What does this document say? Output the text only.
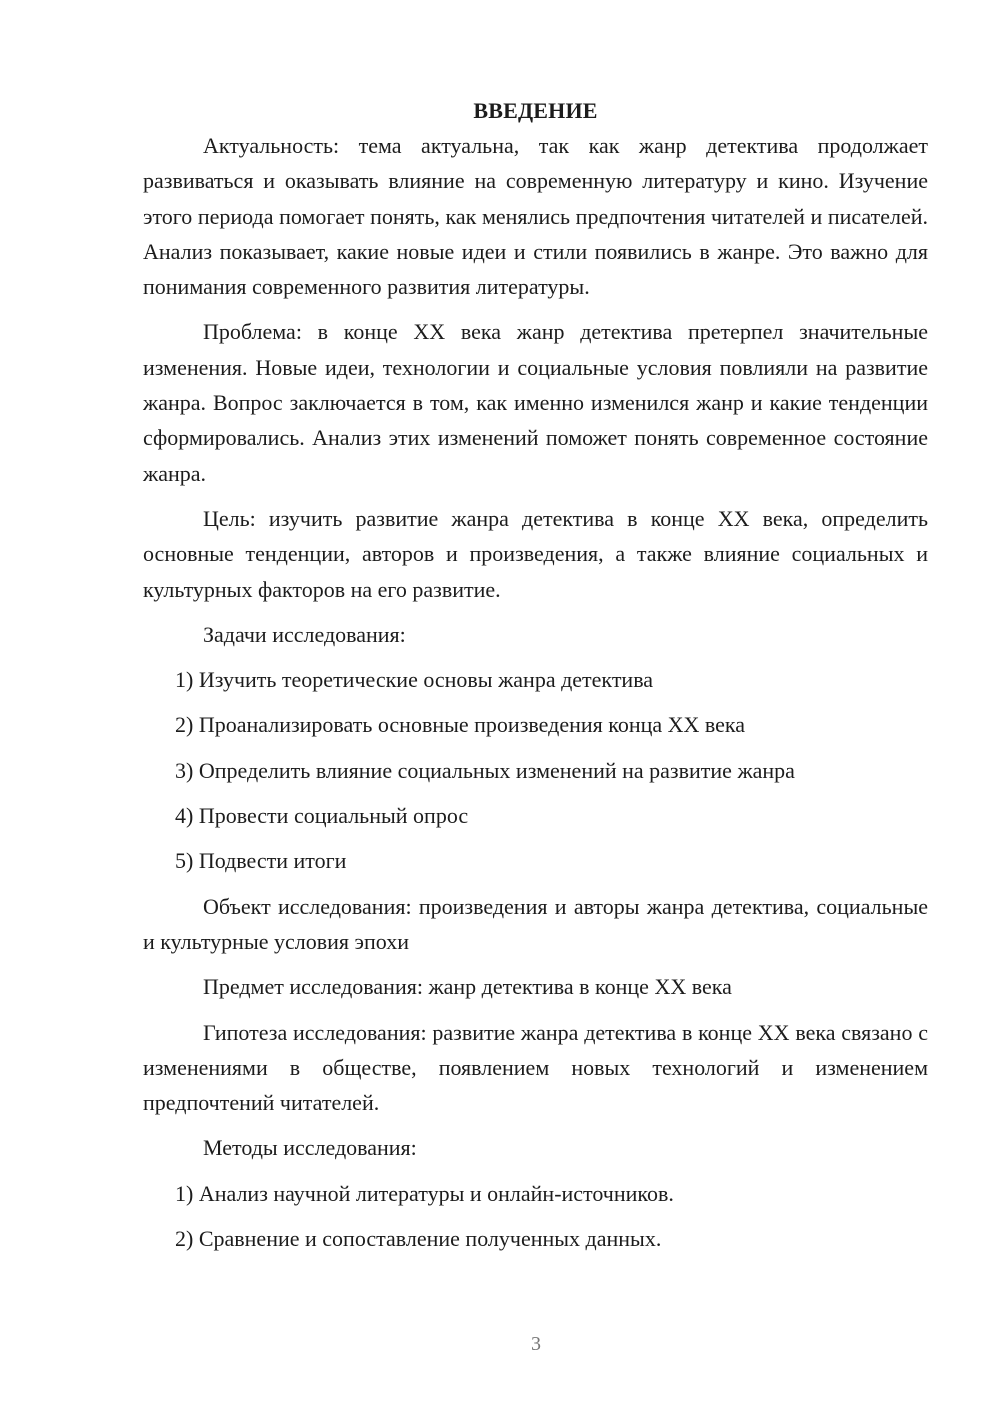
ВВЕДЕНИЕ

Актуальность: тема актуальна, так как жанр детектива продолжает развиваться и оказывать влияние на современную литературу и кино. Изучение этого периода помогает понять, как менялись предпочтения читателей и писателей. Анализ показывает, какие новые идеи и стили появились в жанре. Это важно для понимания современного развития литературы.

Проблема: в конце XX века жанр детектива претерпел значительные изменения. Новые идеи, технологии и социальные условия повлияли на развитие жанра. Вопрос заключается в том, как именно изменился жанр и какие тенденции сформировались. Анализ этих изменений поможет понять современное состояние жанра.

Цель: изучить развитие жанра детектива в конце XX века, определить основные тенденции, авторов и произведения, а также влияние социальных и культурных факторов на его развитие.

Задачи исследования:

1) Изучить теоретические основы жанра детектива

2) Проанализировать основные произведения конца XX века

3) Определить влияние социальных изменений на развитие жанра

4) Провести социальный опрос

5) Подвести итоги

Объект исследования: произведения и авторы жанра детектива, социальные и культурные условия эпохи

Предмет исследования: жанр детектива в конце XX века

Гипотеза исследования: развитие жанра детектива в конце XX века связано с изменениями в обществе, появлением новых технологий и изменением предпочтений читателей.

Методы исследования:

1) Анализ научной литературы и онлайн-источников.

2) Сравнение и сопоставление полученных данных.

3
